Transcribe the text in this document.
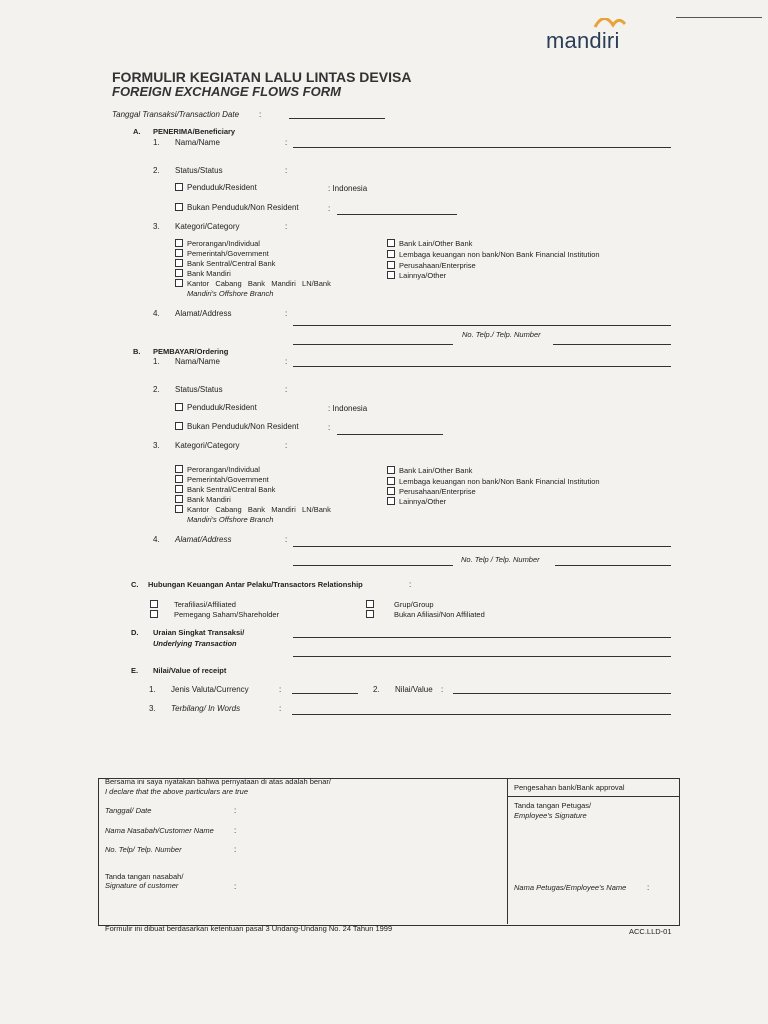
mandiri
FORMULIR KEGIATAN LALU LINTAS DEVISA
FOREIGN EXCHANGE FLOWS FORM
Tanggal Transaksi/Transaction Date :
A. PENERIMA/Beneficiary
1. Nama/Name	:
2. Status/Status	:
Penduduk/Resident	: Indonesia
Bukan Penduduk/Non Resident	:
3. Kategori/Category	:
Perorangan/Individual
Pemerintah/Government
Bank Sentral/Central Bank
Bank Mandiri
Kantor   Cabang   Bank   Mandiri   LN/Bank
Mandiri's Offshore Branch
Bank Lain/Other Bank
Lembaga keuangan non bank/Non Bank Financial Institution
Perusahaan/Enterprise
Lainnya/Other
4. Alamat/Address	:
No. Telp./ Telp. Number
B. PEMBAYAR/Ordering
1. Nama/Name	:
2. Status/Status	:
Penduduk/Resident	: Indonesia
Bukan Penduduk/Non Resident	:
3. Kategori/Category	:
Perorangan/Individual
Pemerintah/Government
Bank Sentral/Central Bank
Bank Mandiri
Kantor   Cabang   Bank   Mandiri   LN/Bank
Mandiri's Offshore Branch
Bank Lain/Other Bank
Lembaga keuangan non bank/Non Bank Financial Institution
Perusahaan/Enterprise
Lainnya/Other
4. Alamat/Address	:
No. Telp / Telp. Number
C. Hubungan Keuangan Antar Pelaku/Transactors Relationship	:
Terafiliasi/Affiliated
Pemegang Saham/Shareholder
Grup/Group
Bukan Afiliasi/Non Affiliated
D. Uraian Singkat Transaksi/
Underlying Transaction
E. Nilai/Value of receipt
1. Jenis Valuta/Currency	:	2. Nilai/Value :
3. Terbilang/ In Words	:
Bersama ini saya nyatakan bahwa pernyataan di atas adalah benar/
I declare that the above particulars are true
Tanggal/ Date	:
Nama Nasabah/Customer Name	:
No. Telp/ Telp. Number	:
Tanda tangan nasabah/
Signature of customer	:
Pengesahan bank/Bank approval
Tanda tangan Petugas/
Employee's Signature
Nama Petugas/Employee's Name	:
Formulir ini dibuat berdasarkan ketentuan pasal 3 Undang-Undang No. 24 Tahun 1999	ACC.LLD-01
